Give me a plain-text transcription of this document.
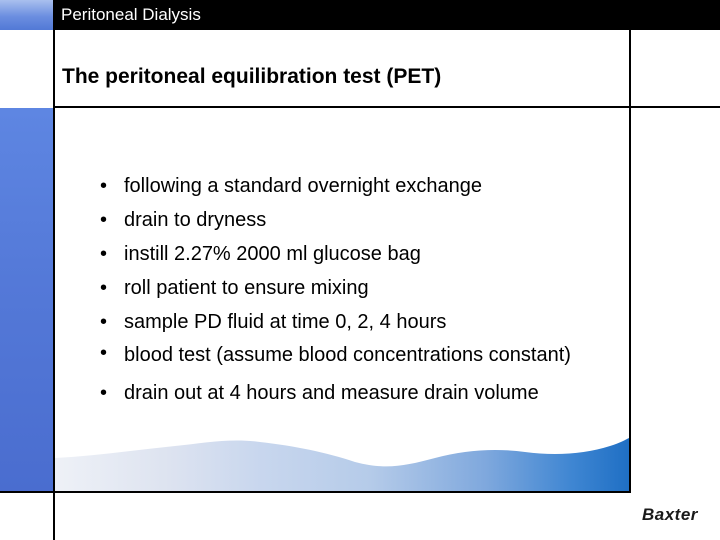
Peritoneal Dialysis
The peritoneal equilibration test (PET)
• following a standard overnight exchange
• drain to dryness
• instill 2.27% 2000 ml glucose bag
• roll patient to ensure mixing
• sample PD fluid at time 0, 2, 4 hours
• blood test (assume blood concentrations constant)
• drain out at 4 hours and measure drain volume
Baxter
